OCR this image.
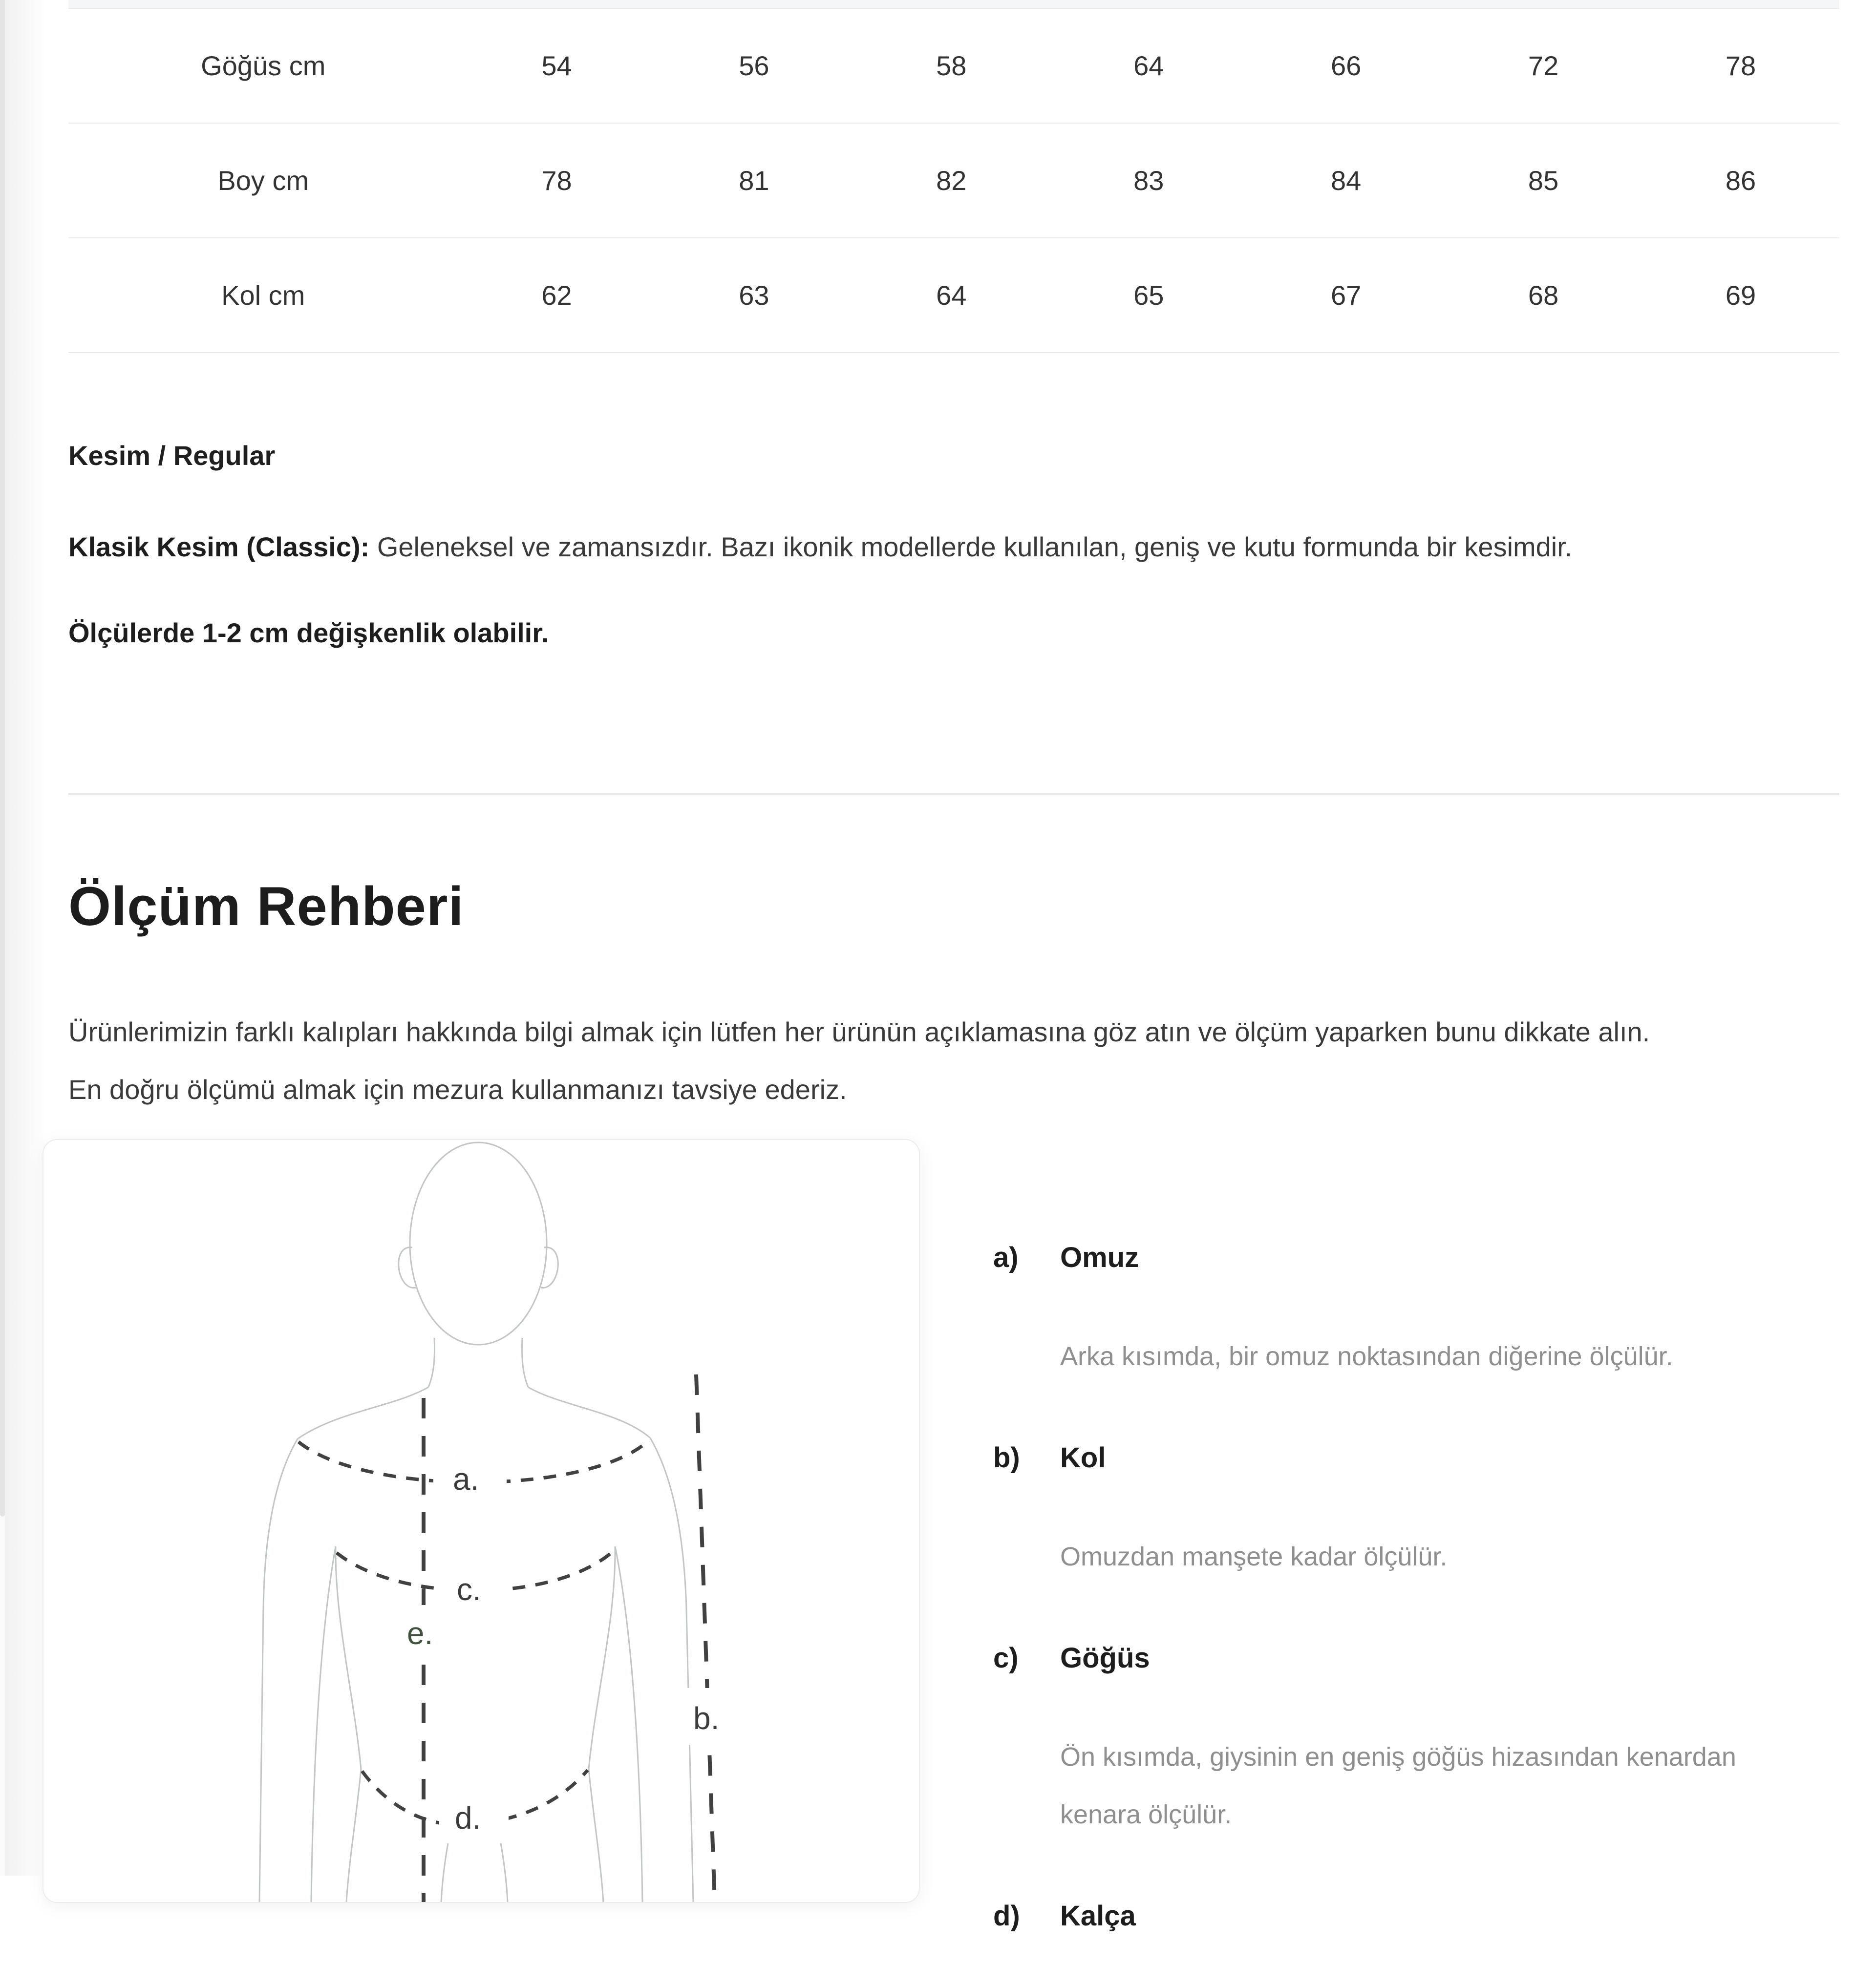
Göğüs cm	54	56	58	64	66	72	78
Boy cm	78	81	82	83	84	85	86
Kol cm	62	63	64	65	67	68	69
Kesim / Regular
Klasik Kesim (Classic): Geleneksel ve zamansızdır. Bazı ikonik modellerde kullanılan, geniş ve kutu formunda bir kesimdir.
Ölçülerde 1-2 cm değişkenlik olabilir.
Ölçüm Rehberi
Ürünlerimizin farklı kalıpları hakkında bilgi almak için lütfen her ürünün açıklamasına göz atın ve ölçüm yaparken bunu dikkate alın.
En doğru ölçümü almak için mezura kullanmanızı tavsiye ederiz.
a.
c.
e.
d.
b.
a)	Omuz
Arka kısımda, bir omuz noktasından diğerine ölçülür.
b)	Kol
Omuzdan manşete kadar ölçülür.
c)	Göğüs
Ön kısımda, giysinin en geniş göğüs hizasından kenardan kenara ölçülür.
d)	Kalça
